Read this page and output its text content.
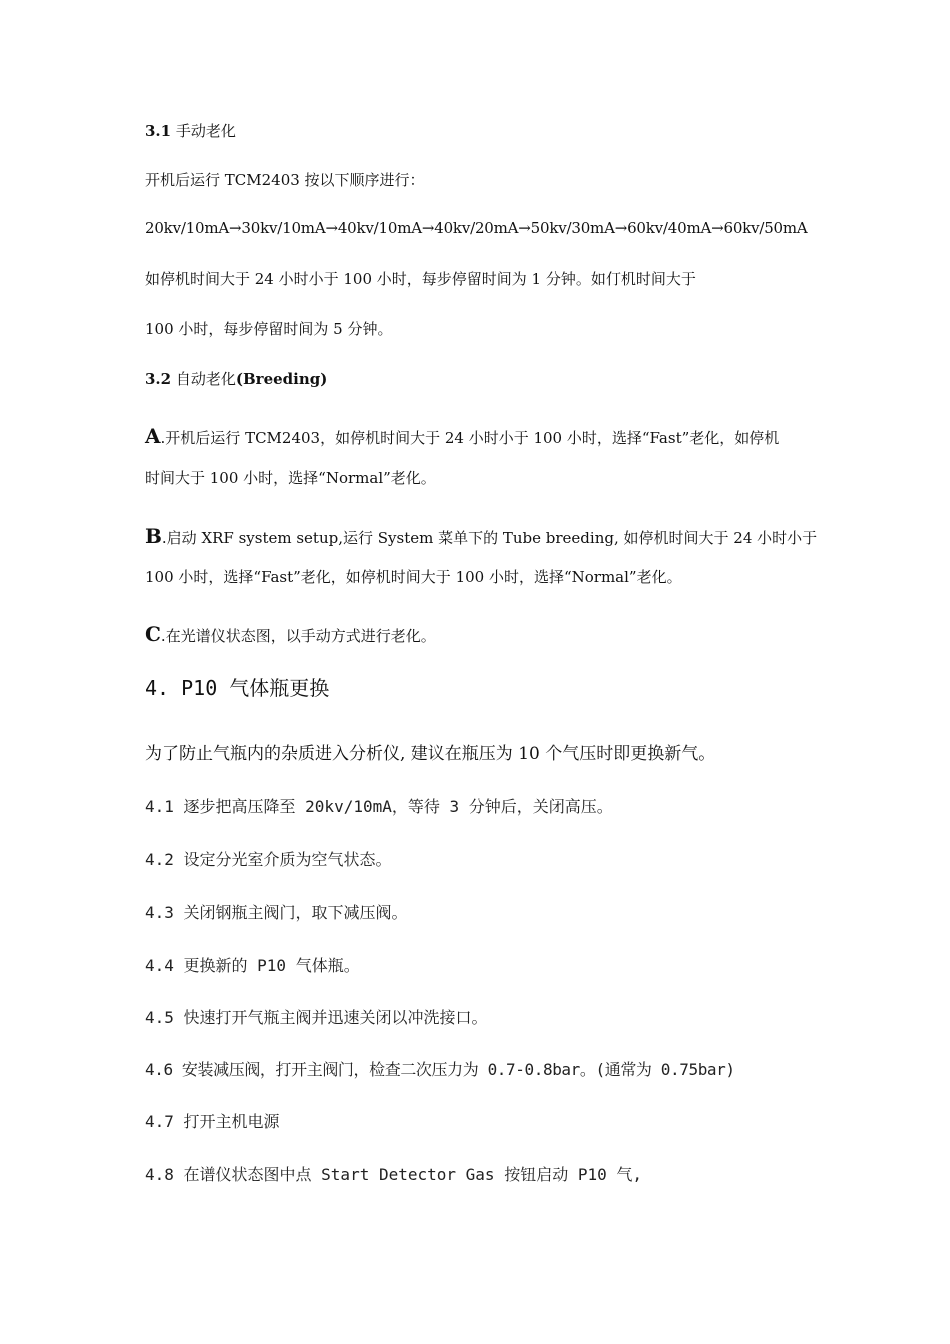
3.1 手动老化
开机后运行 TCM2403 按以下顺序进行：
20kv/10mA→30kv/10mA→40kv/10mA→40kv/20mA→50kv/30mA→60kv/40mA→60kv/50mA
如停机时间大于 24 小时小于 100 小时，每步停留时间为 1 分钟。如仃机时间大于
100 小时，每步停留时间为 5 分钟。
3.2 自动老化(Breeding)
A.开机后运行 TCM2403，如停机时间大于 24 小时小于 100 小时，选择“Fast”老化，如停机
时间大于 100 小时，选择“Normal”老化。
B.启动 XRF system setup,运行 System 菜单下的 Tube breeding, 如停机时间大于 24 小时小于
100 小时，选择“Fast”老化，如停机时间大于 100 小时，选择“Normal”老化。
C.在光谱仪状态图，以手动方式进行老化。
4. P10 气体瓶更换
为了防止气瓶内的杂质进入分析仪, 建议在瓶压为 10 个气压时即更换新气。
4.1 逐步把高压降至 20kv/10mA，等待 3 分钟后，关闭高压。
4.2 设定分光室介质为空气状态。
4.3 关闭钢瓶主阀门，取下减压阀。
4.4 更换新的 P10 气体瓶。
4.5 快速打开气瓶主阀并迅速关闭以冲洗接口。
4.6 安装减压阀，打开主阀门，检查二次压力为 0.7-0.8bar。(通常为 0.75bar)
4.7 打开主机电源
4.8 在谱仪状态图中点 Start Detector Gas 按钮启动 P10 气,
